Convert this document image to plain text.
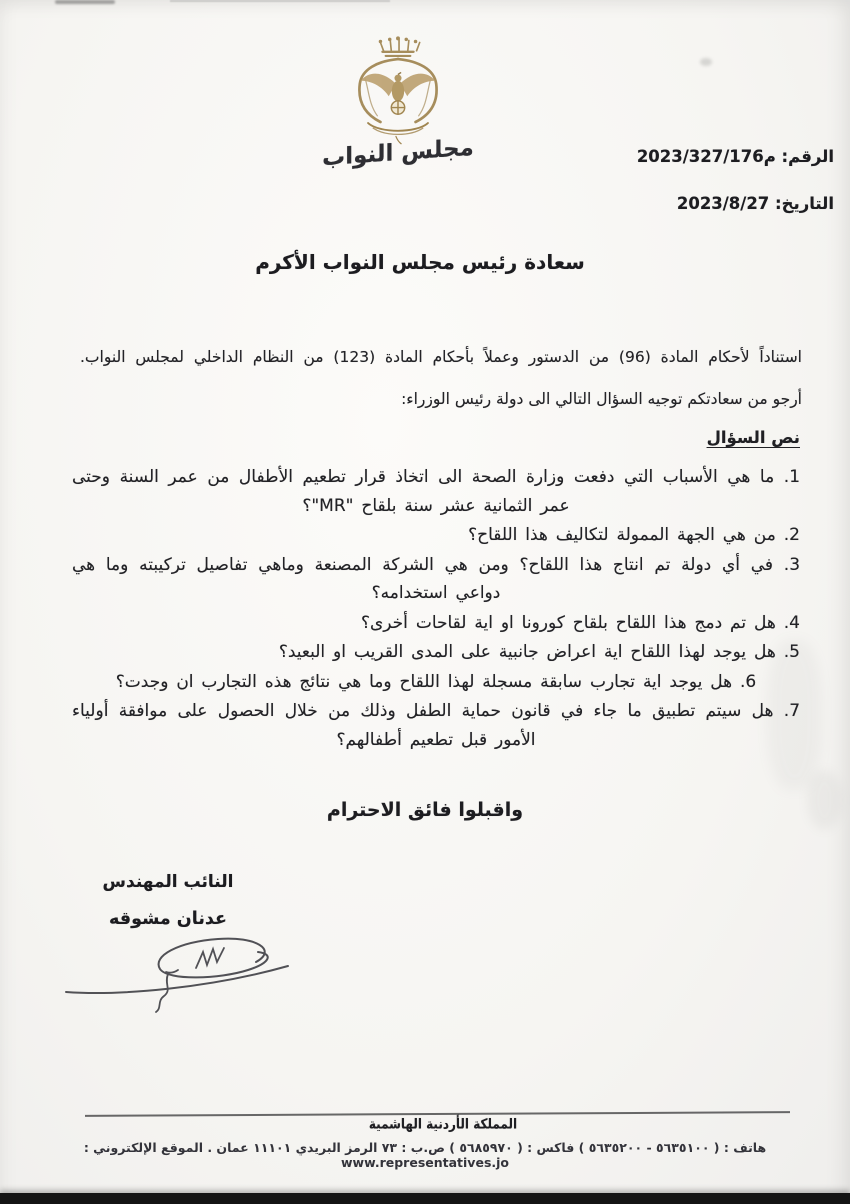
مجلس النواب	الرقم: م2023/327/176
التاريخ: 2023/8/27
سعادة رئيس مجلس النواب الأكرم
استناداً لأحكام المادة (96) من الدستور وعملاً بأحكام المادة (123) من النظام الداخلي لمجلس النواب.
أرجو من سعادتكم توجيه السؤال التالي الى دولة رئيس الوزراء:
نص السؤال
1. ما هي الأسباب التي دفعت وزارة الصحة الى اتخاذ قرار تطعيم الأطفال من عمر السنة وحتى عمر الثمانية عشر سنة بلقاح "MR"؟
2. من هي الجهة الممولة لتكاليف هذا اللقاح؟
3. في أي دولة تم انتاج هذا اللقاح؟ ومن هي الشركة المصنعة وماهي تفاصيل تركيبته وما هي دواعي استخدامه؟
4. هل تم دمج هذا اللقاح بلقاح كورونا او اية لقاحات أخرى؟
5. هل يوجد لهذا اللقاح اية اعراض جانبية على المدى القريب او البعيد؟
6. هل يوجد اية تجارب سابقة مسجلة لهذا اللقاح وما هي نتائج هذه التجارب ان وجدت؟
7. هل سيتم تطبيق ما جاء في قانون حماية الطفل وذلك من خلال الحصول على موافقة أولياء الأمور قبل تطعيم أطفالهم؟
واقبلوا فائق الاحترام
النائب المهندس
عدنان مشوقه
المملكة الأردنية الهاشمية
هاتف : ( ٥٦٣٥١٠٠ - ٥٦٣٥٢٠٠ ) فاكس : ( ٥٦٨٥٩٧٠ ) ص.ب : ٧٣ الرمز البريدي ١١١٠١ عمان . الموقع الإلكتروني : www.representatives.jo
